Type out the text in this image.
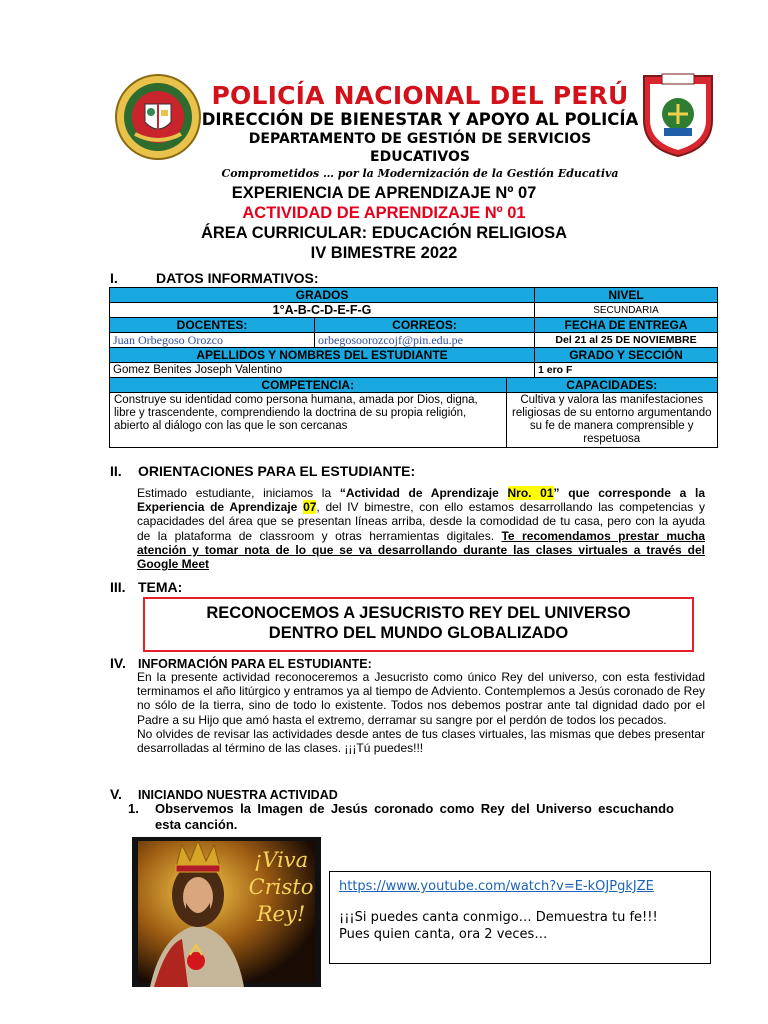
POLICÍA NACIONAL DEL PERÚ
DIRECCIÓN DE BIENESTAR Y APOYO AL POLICÍA
DEPARTAMENTO DE GESTIÓN DE SERVICIOS EDUCATIVOS
Comprometidos … por la Modernización de la Gestión Educativa
EXPERIENCIA DE APRENDIZAJE Nº 07
ACTIVIDAD DE APRENDIZAJE Nº 01
ÁREA CURRICULAR: EDUCACIÓN RELIGIOSA
IV BIMESTRE 2022
I.	DATOS INFORMATIVOS:
GRADOS			NIVEL
1°A-B-C-D-E-F-G			SECUNDARIA
DOCENTES:	CORREOS:		FECHA DE ENTREGA
Juan Orbegoso Orozco	orbegosoorozcojf@pin.edu.pe		Del 21 al 25 DE NOVIEMBRE
APELLIDOS Y NOMBRES DEL ESTUDIANTE			GRADO Y SECCIÓN
Gomez Benites Joseph Valentino			1 ero F
COMPETENCIA:		CAPACIDADES:	
Construye su identidad como persona humana, amada por Dios, digna, libre y trascendente, comprendiendo la doctrina de su propia religión, abierto al diálogo con las que le son cercanas		Cultiva y valora las manifestaciones religiosas de su entorno argumentando su fe de manera comprensible y respetuosa	
II. ORIENTACIONES PARA EL ESTUDIANTE:
Estimado estudiante, iniciamos la “Actividad de Aprendizaje Nro. 01” que corresponde a la Experiencia de Aprendizaje 07, del IV bimestre, con ello estamos desarrollando las competencias y capacidades del área que se presentan líneas arriba, desde la comodidad de tu casa, pero con la ayuda de la plataforma de classroom y otras herramientas digitales. Te recomendamos prestar mucha atención y tomar nota de lo que se va desarrollando durante las clases virtuales a través del Google Meet
III. TEMA:
RECONOCEMOS A JESUCRISTO REY DEL UNIVERSO
DENTRO DEL MUNDO GLOBALIZADO
IV. INFORMACIÓN PARA EL ESTUDIANTE:
En la presente actividad reconoceremos a Jesucristo como único Rey del universo, con esta festividad terminamos el año litúrgico y entramos ya al tiempo de Adviento. Contemplemos a Jesús coronado de Rey no sólo de la tierra, sino de todo lo existente. Todos nos debemos postrar ante tal dignidad dado por el Padre a su Hijo que amó hasta el extremo, derramar su sangre por el perdón de todos los pecados.
No olvides de revisar las actividades desde antes de tus clases virtuales, las mismas que debes presentar desarrolladas al término de las clases. ¡¡¡Tú puedes!!!
V. INICIANDO NUESTRA ACTIVIDAD
1. Observemos la Imagen de Jesús coronado como Rey del Universo escuchando esta canción.
¡Viva
Cristo
Rey!
https://www.youtube.com/watch?v=E-kOJPgkJZE
¡¡¡Si puedes canta conmigo… Demuestra tu fe!!!
Pues quien canta, ora 2 veces…
